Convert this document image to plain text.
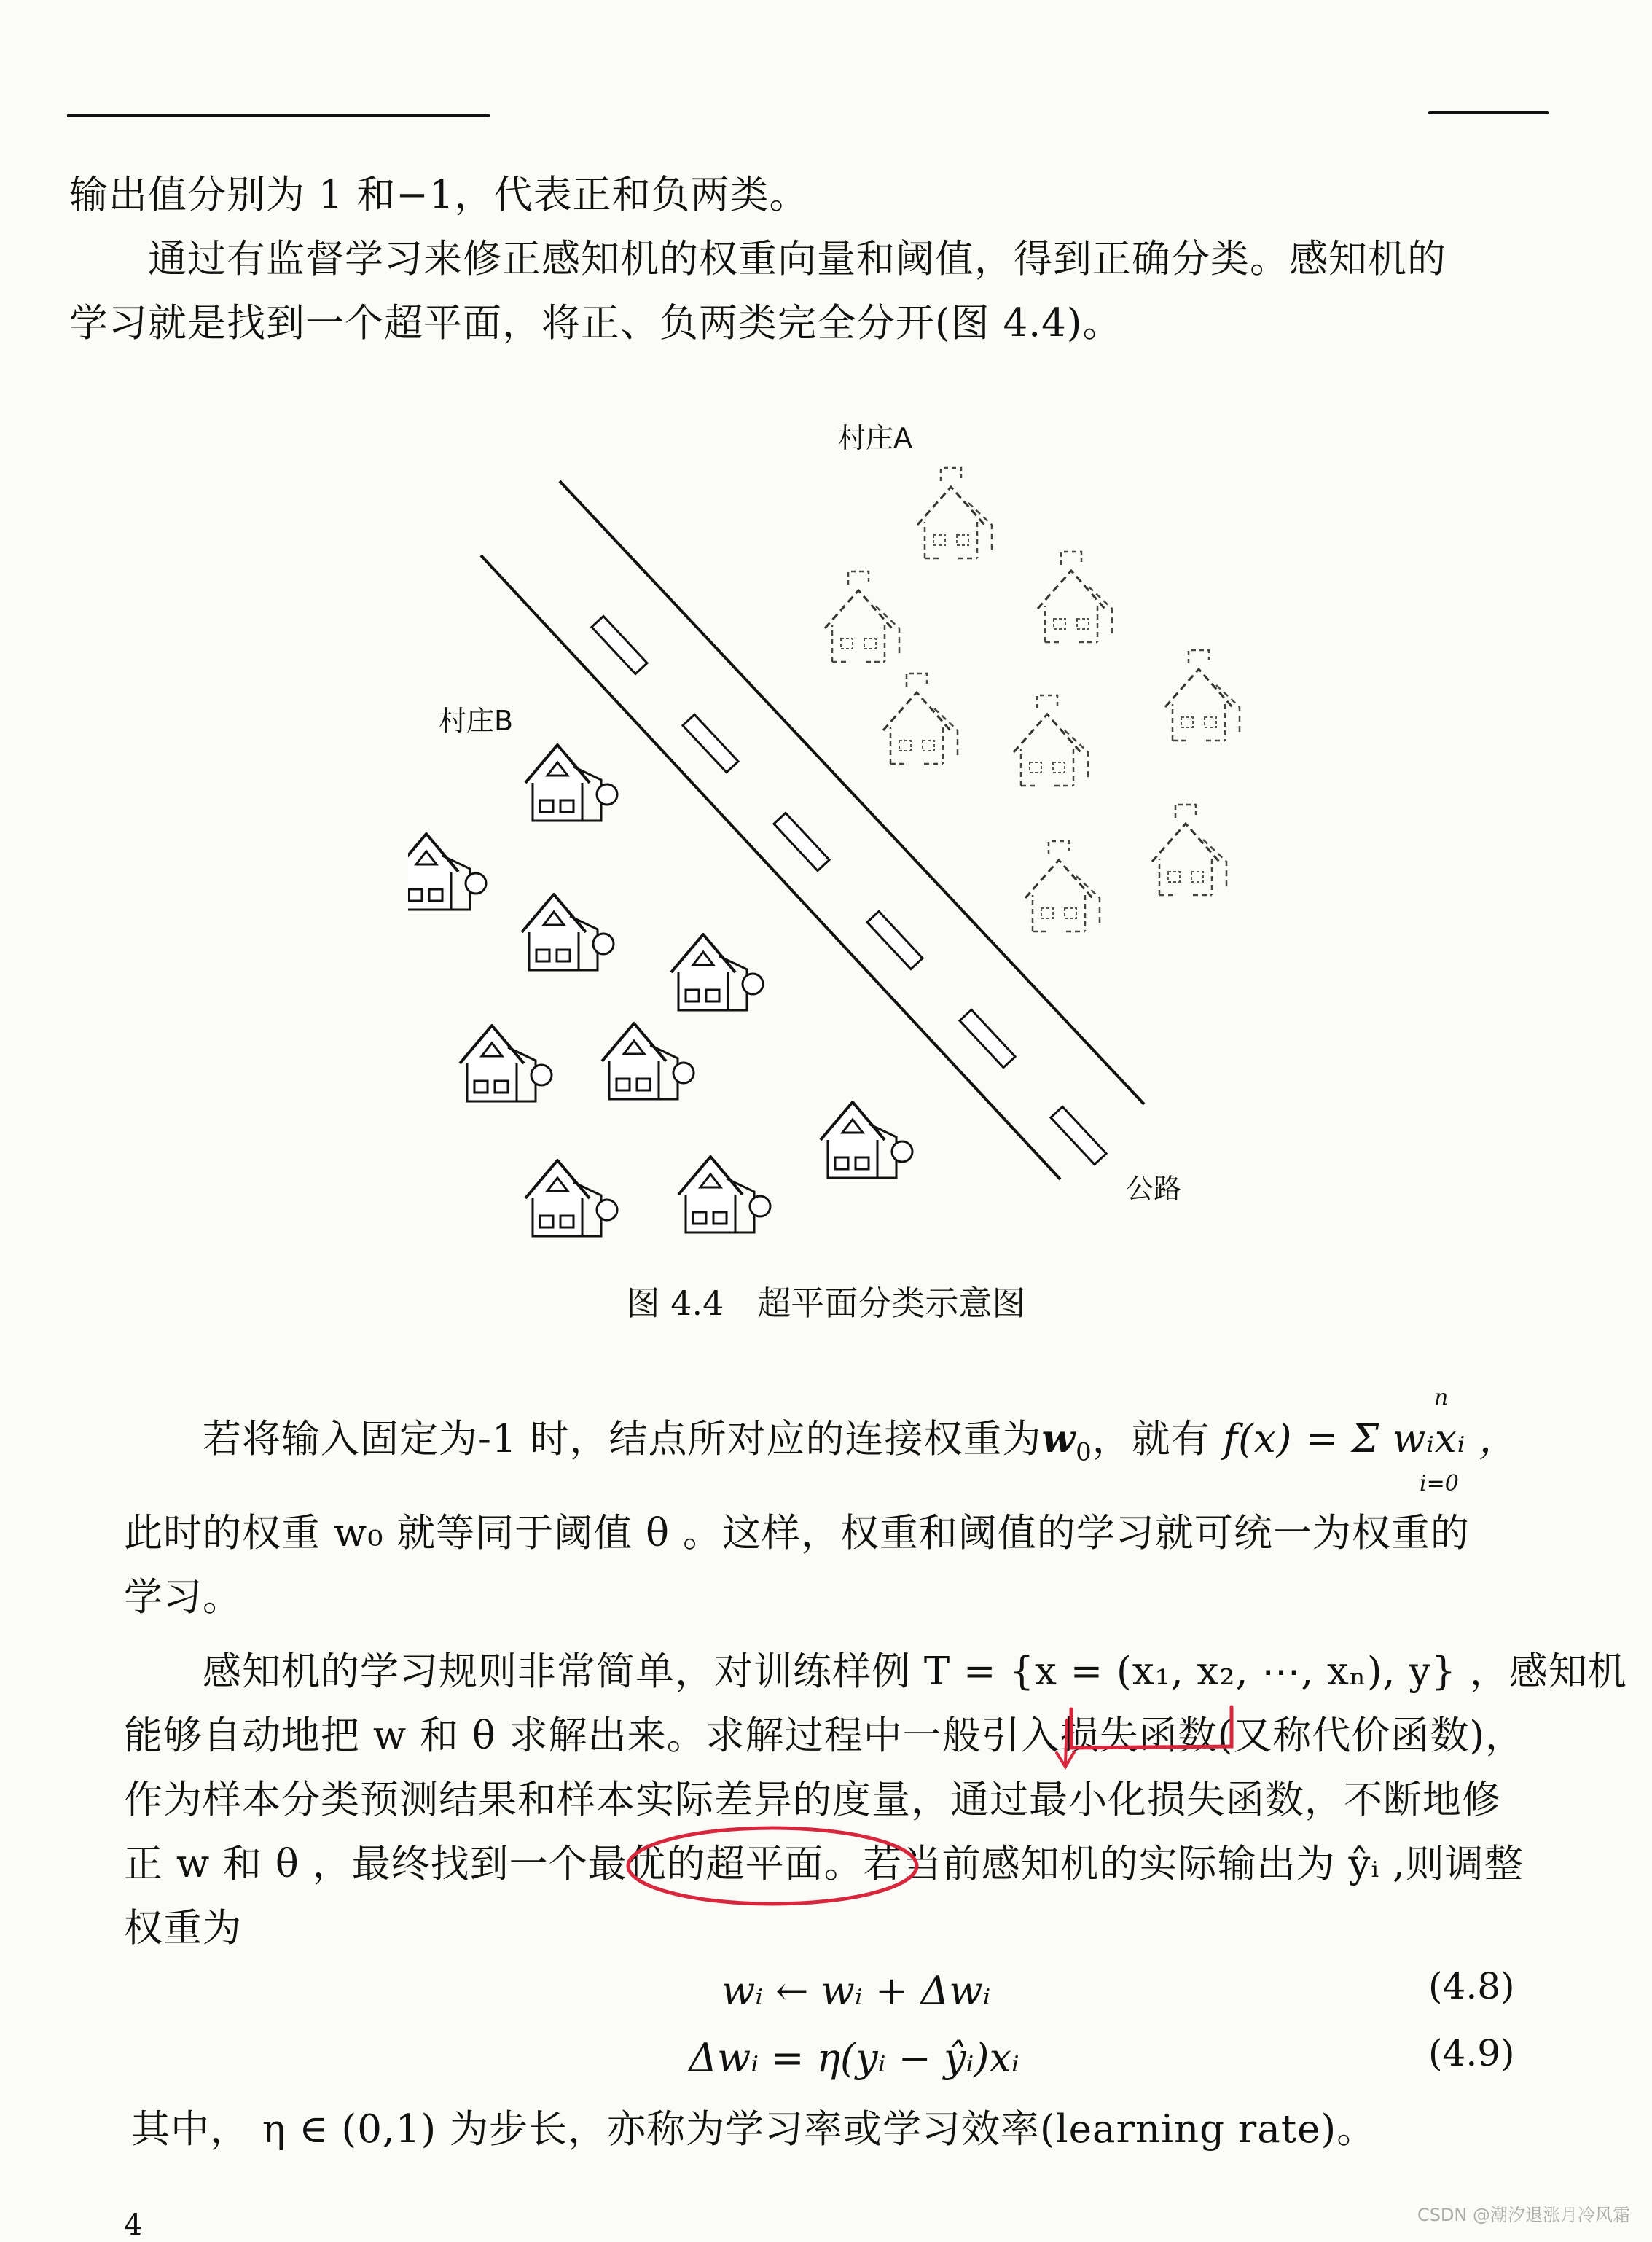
输出值分别为 1 和−1，代表正和负两类。

通过有监督学习来修正感知机的权重向量和阈值，得到正确分类。感知机的

学习就是找到一个超平面，将正、负两类完全分开(图 4.4)。

村庄A
村庄B
公路
图 4.4　超平面分类示意图

若将输入固定为-1 时，结点所对应的连接权重为$w_0$，就有 f(x) = Σ wᵢxᵢ ，

n
i=0

此时的权重 w₀ 就等同于阈值 θ 。这样，权重和阈值的学习就可统一为权重的

学习。

感知机的学习规则非常简单，对训练样例 T = {x = (x₁, x₂, ⋯, xₙ), y} ，感知机

能够自动地把 w 和 θ 求解出来。求解过程中一般引入损失函数(又称代价函数)，

作为样本分类预测结果和样本实际差异的度量，通过最小化损失函数，不断地修

正 w 和 θ ，最终找到一个最优的超平面。若当前感知机的实际输出为 ŷᵢ ,则调整

权重为

wᵢ ← wᵢ + Δwᵢ	(4.8)
Δwᵢ = η(yᵢ − ŷᵢ)xᵢ	(4.9)

其中， η ∈ (0,1) 为步长，亦称为学习率或学习效率(learning rate)。

4	CSDN @潮汐退涨月冷风霜
